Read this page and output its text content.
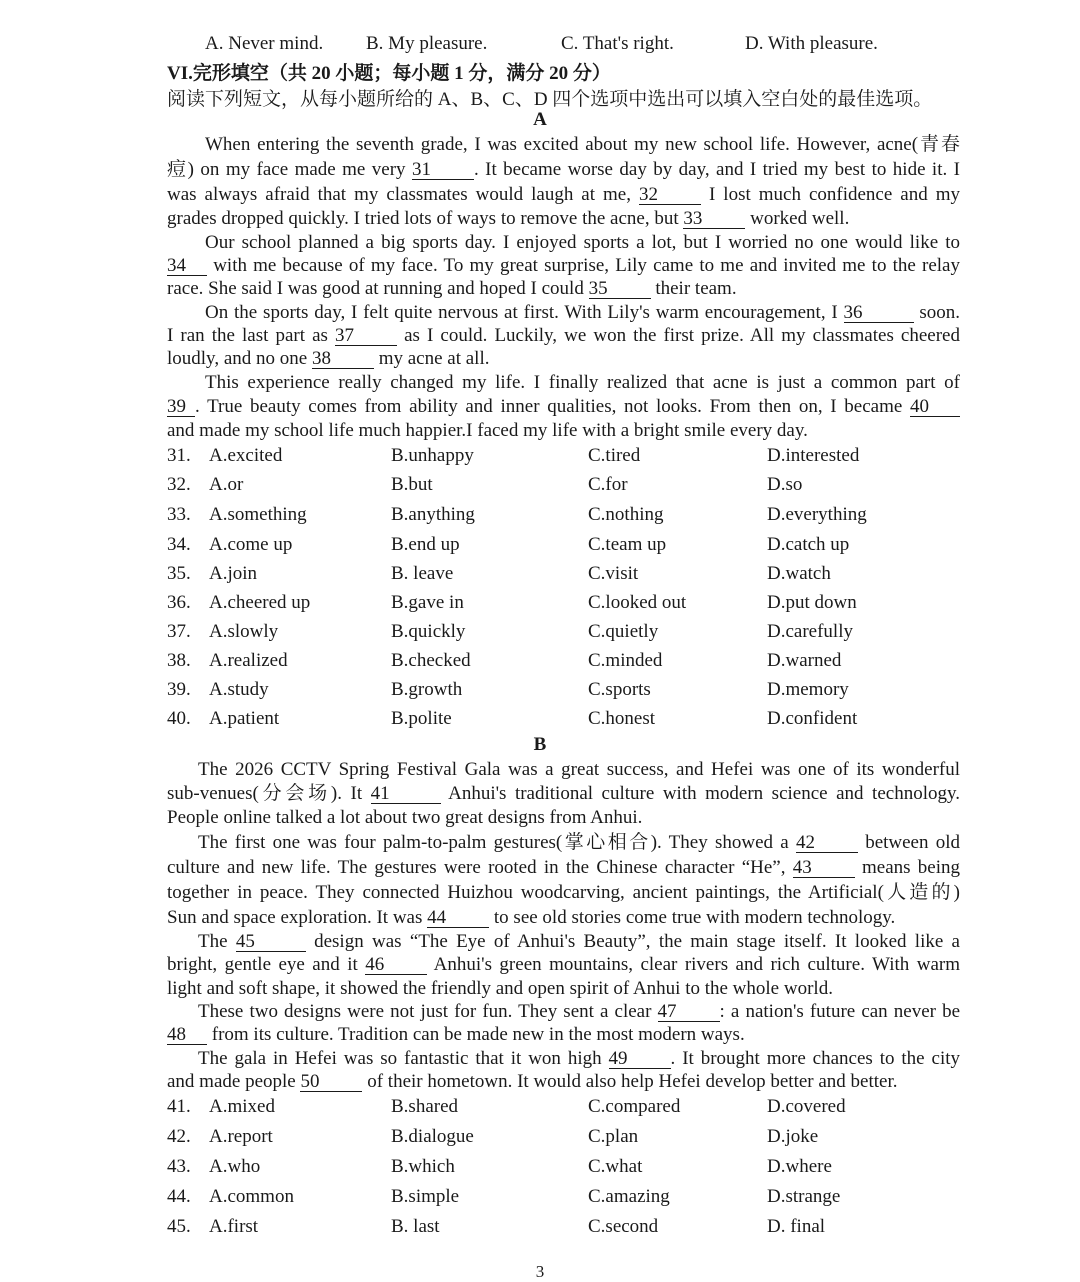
A. Never mind. B. My pleasure.	C. That's right.	D. With pleasure.
VI.完形填空（共 20 小题；每小题 1 分，满分 20 分）
阅读下列短文，从每小题所给的 A、B、C、D 四个选项中选出可以填入空白处的最佳选项。
A
When entering the seventh grade, I was excited about my new school life. However, acne(青春
痘) on my face made me very 31 . It became worse day by day, and I tried my best to hide it. I
was always afraid that my classmates would laugh at me, 32	I lost much confidence and my
grades dropped quickly. I tried lots of ways to remove the acne, but 33	worked well.
Our school planned a big sports day. I enjoyed sports a lot, but I worried no one would like to
34 with me because of my face. To my great surprise, Lily came to me and invited me to the relay
race. She said I was good at running and hoped I could 35	their team.
On the sports day, I felt quite nervous at first. With Lily's warm encouragement, I 36	soon.
I ran the last part as 37	as I could. Luckily, we won the first prize. All my classmates cheered
loudly, and no one 38	my acne at all.
This experience really changed my life. I finally realized that acne is just a common part of
39 . True beauty comes from ability and inner qualities, not looks. From then on, I became 40
and made my school life much happier.I faced my life with a bright smile every day.
31. A.excited	B.unhappy	C.tired	D.interested
32. A.or	B.but	C.for	D.so
33. A.something	B.anything	C.nothing	D.everything
34. A.come up	B.end up	C.team up	D.catch up
35. A.join	B. leave	C.visit	D.watch
36. A.cheered up	B.gave in	C.looked out	D.put down
37. A.slowly	B.quickly	C.quietly	D.carefully
38. A.realized	B.checked	C.minded	D.warned
39. A.study	B.growth	C.sports	D.memory
40. A.patient	B.polite	C.honest	D.confident
B
The 2026 CCTV Spring Festival Gala was a great success, and Hefei was one of its wonderful
sub-venues(分会场). It 41	Anhui's traditional culture with modern science and technology.
People online talked a lot about two great designs from Anhui.
The first one was four palm-to-palm gestures(掌心相合). They showed a 42	between old
culture and new life. The gestures were rooted in the Chinese character “He”, 43	means being
together in peace. They connected Huizhou woodcarving, ancient paintings, the Artificial(人造的)
Sun and space exploration. It was 44	to see old stories come true with modern technology.
The 45	design was “The Eye of Anhui's Beauty”, the main stage itself. It looked like a
bright, gentle eye and it 46	Anhui's green mountains, clear rivers and rich culture. With warm
light and soft shape, it showed the friendly and open spirit of Anhui to the whole world.
These two designs were not just for fun. They sent a clear 47 : a nation's future can never be
48 from its culture. Tradition can be made new in the most modern ways.
The gala in Hefei was so fantastic that it won high 49 . It brought more chances to the city
and made people 50	of their hometown. It would also help Hefei develop better and better.
41. A.mixed	B.shared	C.compared	D.covered
42. A.report	B.dialogue	C.plan	D.joke
43. A.who	B.which	C.what	D.where
44. A.common	B.simple	C.amazing	D.strange
45. A.first	B. last	C.second	D. final
3
